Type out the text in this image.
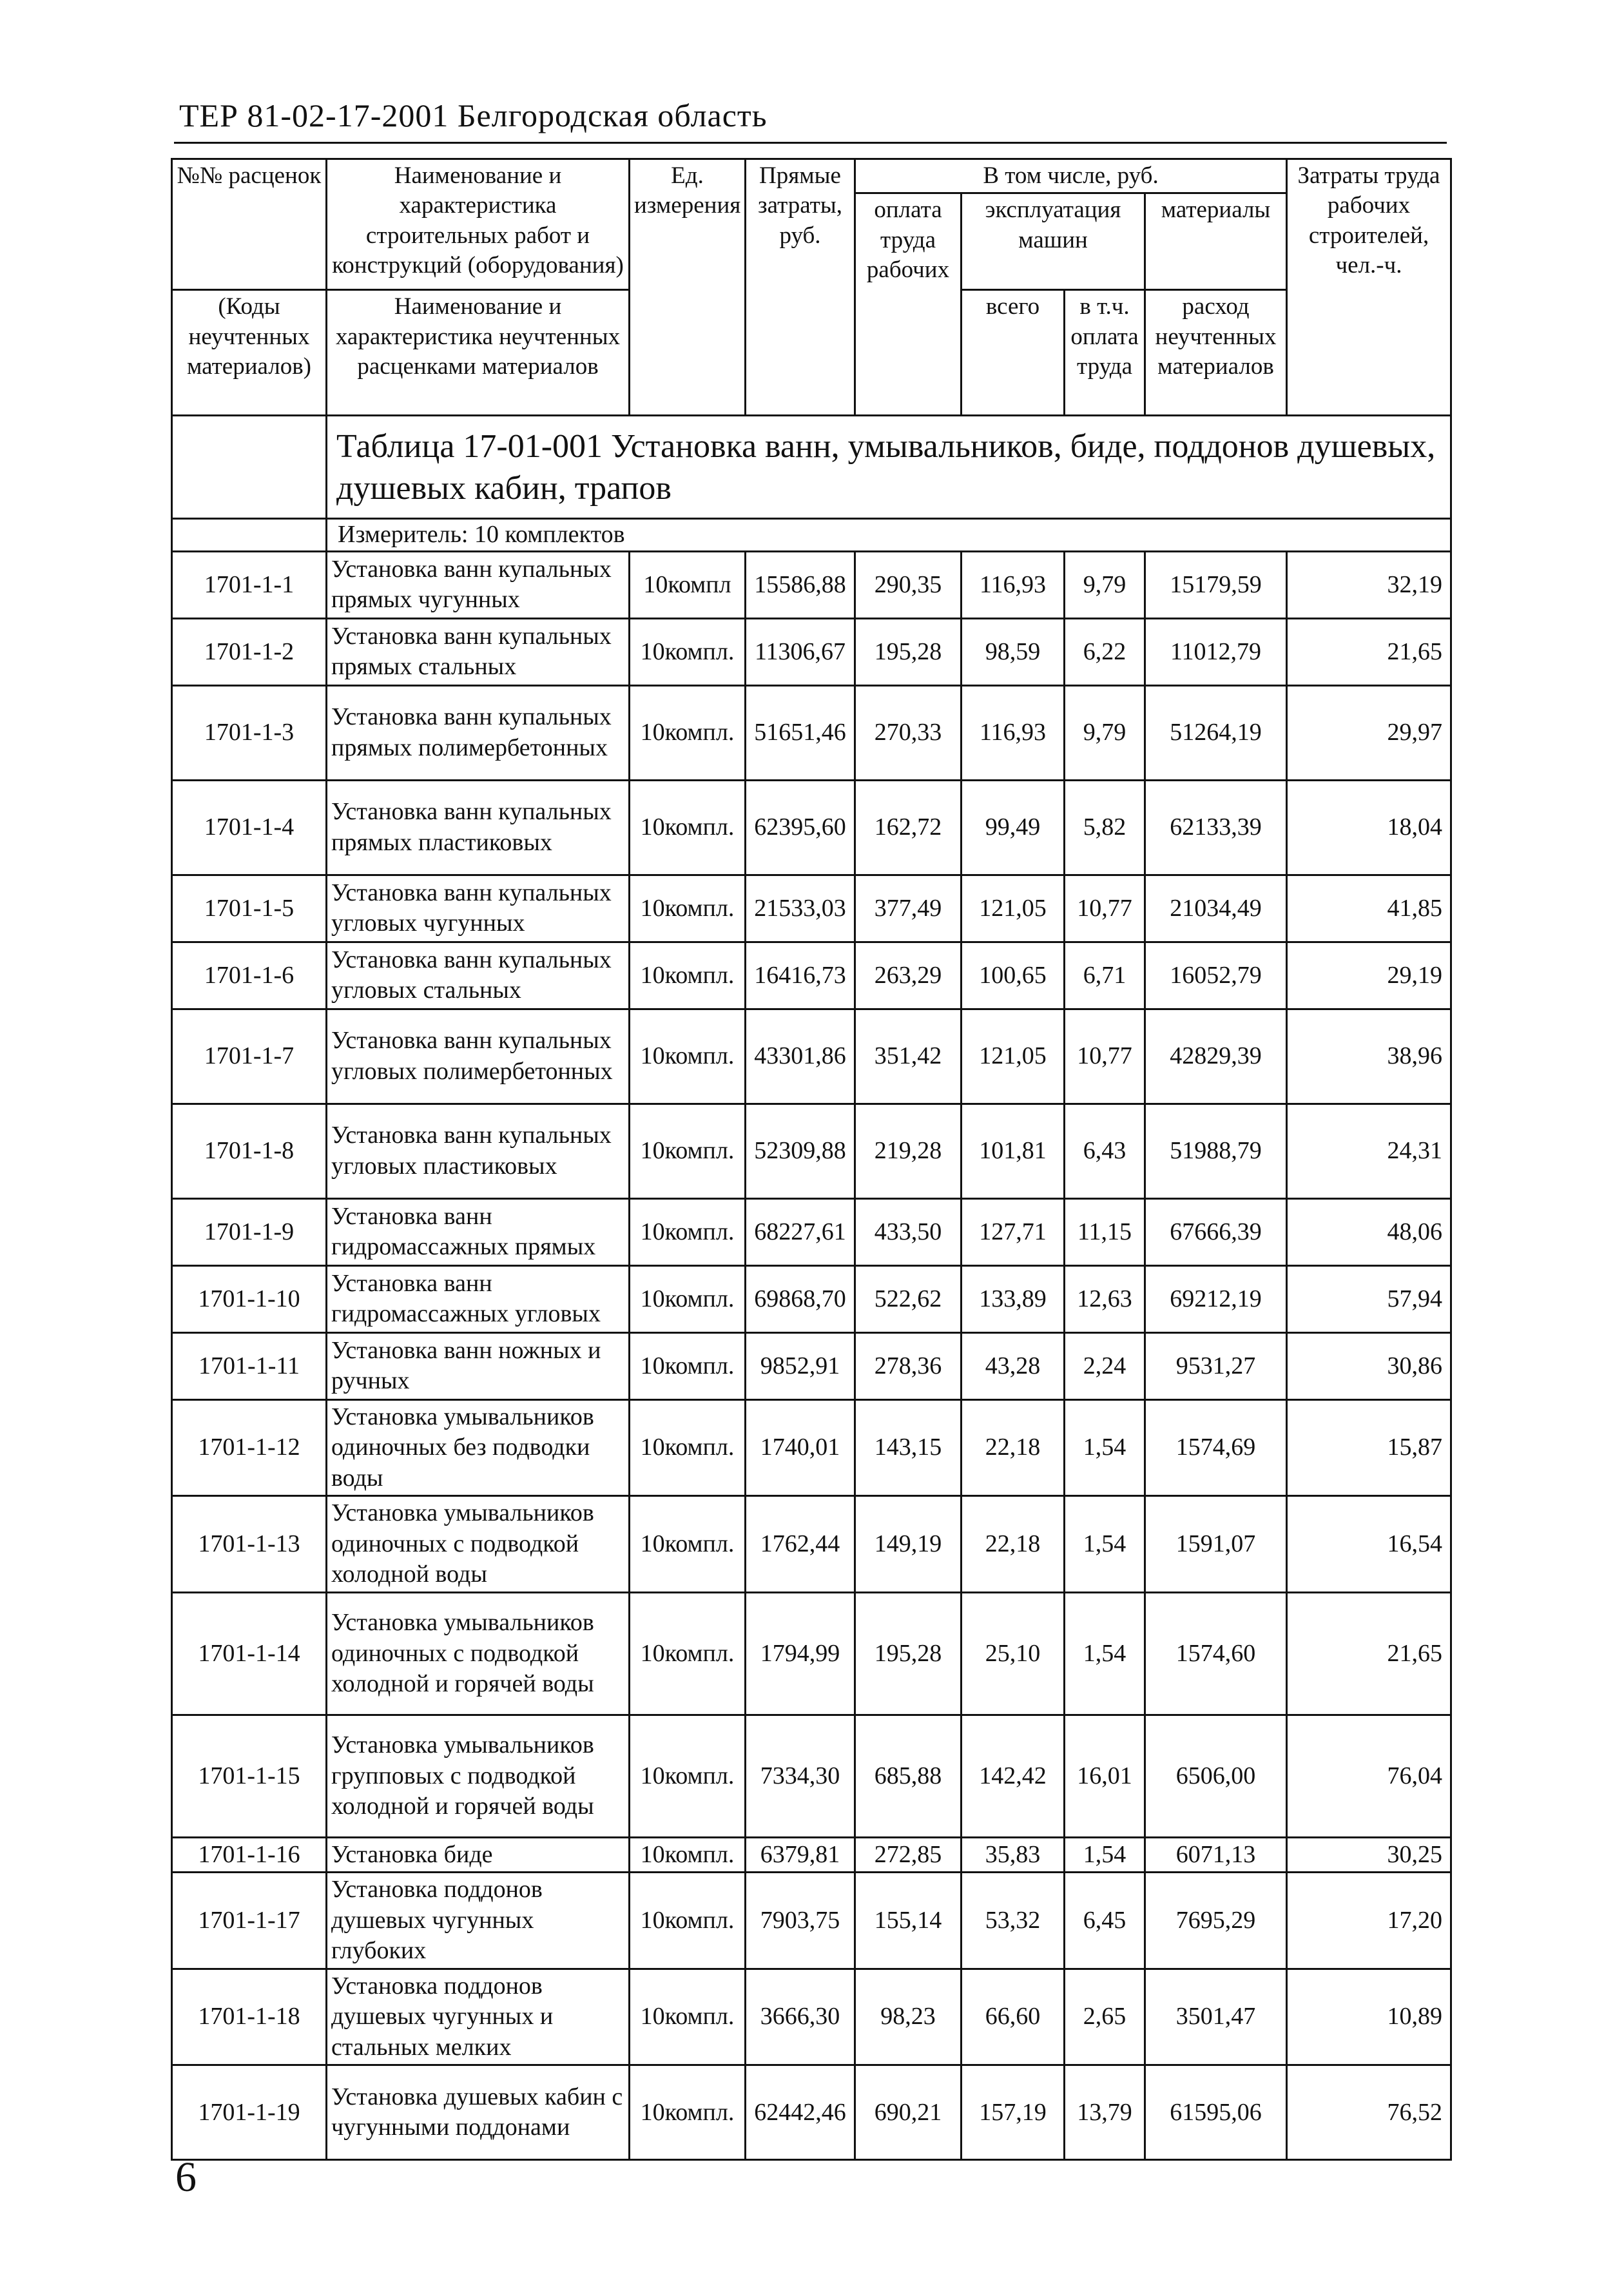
ТЕР 81-02-17-2001 Белгородская область
№№ расценок	Наименование и характеристика строительных работ и конструкций (оборудования)	Ед. измерения	Прямые затраты, руб.	В том числе, руб.				Затраты труда рабочих строителей, чел.-ч.
				оплата труда рабочих	эксплуатация машин		материалы	
(Коды неучтенных материалов)	Наименование и характеристика неучтенных расценками материалов				всего	в т.ч. оплата труда	расход неучтенных материалов	
	Таблица 17-01-001 Установка ванн, умывальников, биде, поддонов душевых, душевых кабин, трапов							
	Измеритель: 10 комплектов							
1701-1-1	Установка ванн купальных прямых чугунных	10компл	15586,88	290,35	116,93	9,79	15179,59	32,19
1701-1-2	Установка ванн купальных прямых стальных	10компл.	11306,67	195,28	98,59	6,22	11012,79	21,65
1701-1-3	Установка ванн купальных прямых полимербетонных	10компл.	51651,46	270,33	116,93	9,79	51264,19	29,97
1701-1-4	Установка ванн купальных прямых пластиковых	10компл.	62395,60	162,72	99,49	5,82	62133,39	18,04
1701-1-5	Установка ванн купальных угловых чугунных	10компл.	21533,03	377,49	121,05	10,77	21034,49	41,85
1701-1-6	Установка ванн купальных угловых стальных	10компл.	16416,73	263,29	100,65	6,71	16052,79	29,19
1701-1-7	Установка ванн купальных угловых полимербетонных	10компл.	43301,86	351,42	121,05	10,77	42829,39	38,96
1701-1-8	Установка ванн купальных угловых пластиковых	10компл.	52309,88	219,28	101,81	6,43	51988,79	24,31
1701-1-9	Установка ванн гидромассажных прямых	10компл.	68227,61	433,50	127,71	11,15	67666,39	48,06
1701-1-10	Установка ванн гидромассажных угловых	10компл.	69868,70	522,62	133,89	12,63	69212,19	57,94
1701-1-11	Установка ванн ножных и ручных	10компл.	9852,91	278,36	43,28	2,24	9531,27	30,86
1701-1-12	Установка умывальников одиночных без подводки воды	10компл.	1740,01	143,15	22,18	1,54	1574,69	15,87
1701-1-13	Установка умывальников одиночных с подводкой холодной воды	10компл.	1762,44	149,19	22,18	1,54	1591,07	16,54
1701-1-14	Установка умывальников одиночных с подводкой холодной и горячей воды	10компл.	1794,99	195,28	25,10	1,54	1574,60	21,65
1701-1-15	Установка умывальников групповых с подводкой холодной и горячей воды	10компл.	7334,30	685,88	142,42	16,01	6506,00	76,04
1701-1-16	Установка биде	10компл.	6379,81	272,85	35,83	1,54	6071,13	30,25
1701-1-17	Установка поддонов душевых чугунных глубоких	10компл.	7903,75	155,14	53,32	6,45	7695,29	17,20
1701-1-18	Установка поддонов душевых чугунных и стальных мелких	10компл.	3666,30	98,23	66,60	2,65	3501,47	10,89
1701-1-19	Установка душевых кабин с чугунными поддонами	10компл.	62442,46	690,21	157,19	13,79	61595,06	76,52
6
